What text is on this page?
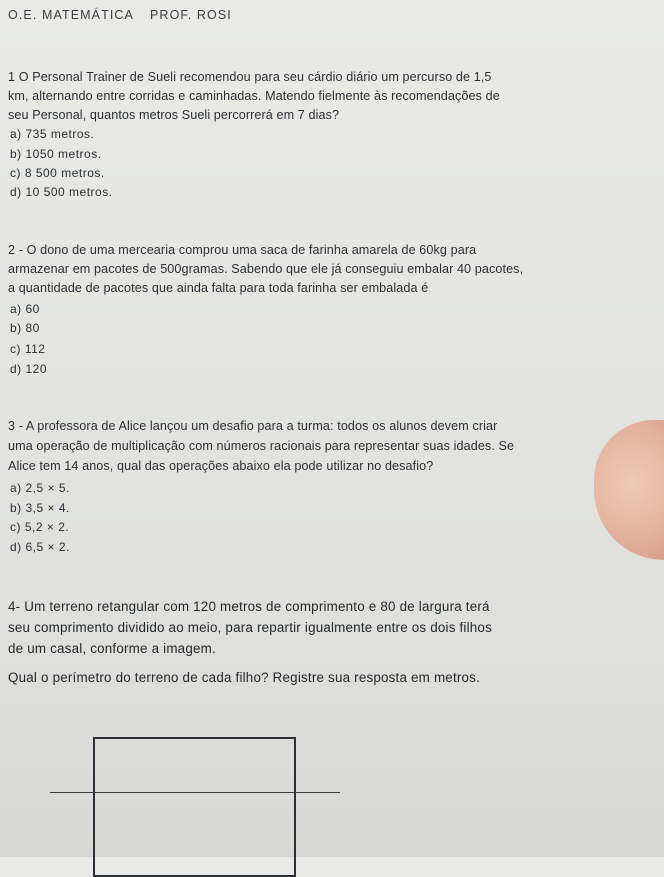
O.E. MATEMÁTICA PROF. ROSI
1 O Personal Trainer de Sueli recomendou para seu cárdio diário um percurso de 1,5
km, alternando entre corridas e caminhadas. Matendo fielmente às recomendações de
seu Personal, quantos metros Sueli percorrerá em 7 dias?
a) 735 metros.
b) 1050 metros.
c) 8 500 metros.
d) 10 500 metros.
2 - O dono de uma mercearia comprou uma saca de farinha amarela de 60kg para
armazenar em pacotes de 500gramas. Sabendo que ele já conseguiu embalar 40 pacotes,
a quantidade de pacotes que ainda falta para toda farinha ser embalada é
a) 60
b) 80
c) 112
d) 120
3 - A professora de Alice lançou um desafio para a turma: todos os alunos devem criar
uma operação de multiplicação com números racionais para representar suas idades. Se
Alice tem 14 anos, qual das operações abaixo ela pode utilizar no desafio?
a) 2,5 × 5.
b) 3,5 × 4.
c) 5,2 × 2.
d) 6,5 × 2.
4- Um terreno retangular com 120 metros de comprimento e 80 de largura terá
seu comprimento dividido ao meio, para repartir igualmente entre os dois filhos
de um casal, conforme a imagem.
Qual o perímetro do terreno de cada filho? Registre sua resposta em metros.
